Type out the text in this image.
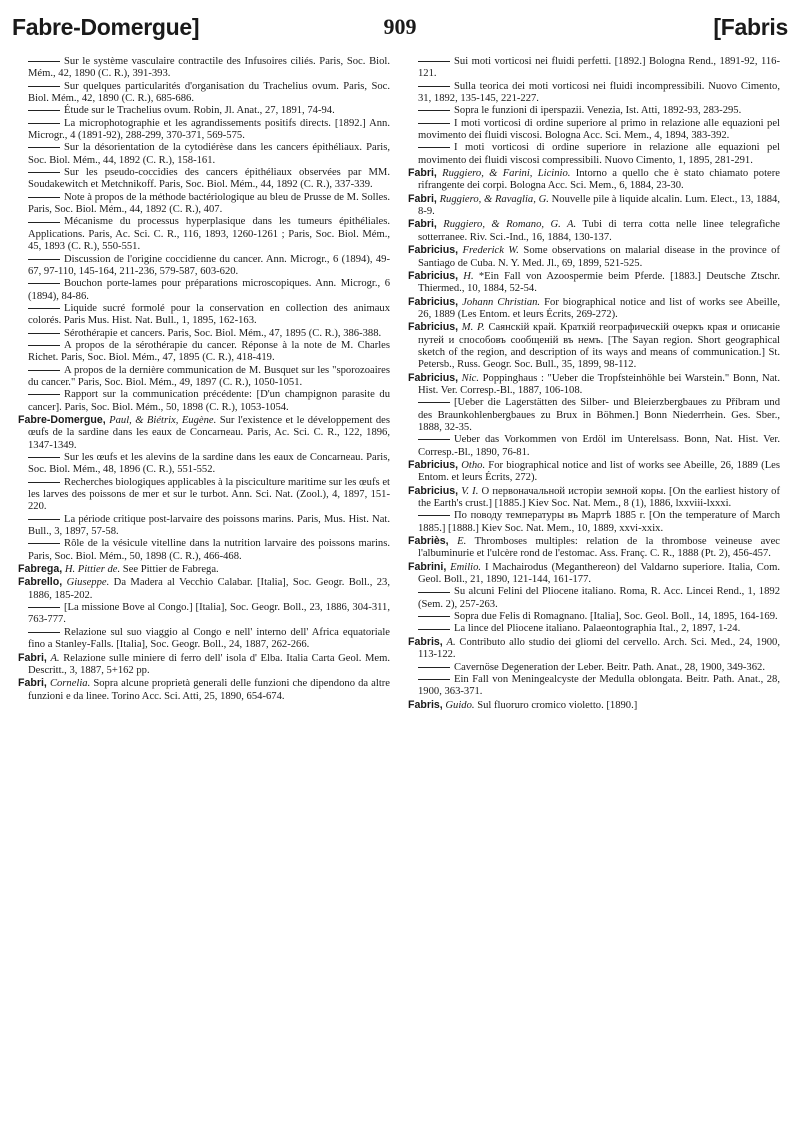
Fabre-Domergue]	909	[Fabris

Sur le système vasculaire contractile des Infusoires ciliés. Paris, Soc. Biol. Mém., 42, 1890 (C. R.), 391-393.

Sur quelques particularités d'organisation du Trachelius ovum. Paris, Soc. Biol. Mém., 42, 1890 (C. R.), 685-686.

Étude sur le Trachelius ovum. Robin, Jl. Anat., 27, 1891, 74-94.

La microphotographie et les agrandissements positifs directs. [1892.] Ann. Microgr., 4 (1891-92), 288-299, 370-371, 569-575.

Sur la désorientation de la cytodiérèse dans les cancers épithéliaux. Paris, Soc. Biol. Mém., 44, 1892 (C. R.), 158-161.

Sur les pseudo-coccidies des cancers épithéliaux observées par MM. Soudakewitch et Metchnikoff. Paris, Soc. Biol. Mém., 44, 1892 (C. R.), 337-339.

Note à propos de la méthode bactériologique au bleu de Prusse de M. Solles. Paris, Soc. Biol. Mém., 44, 1892 (C. R.), 407.

Mécanisme du processus hyperplasique dans les tumeurs épithéliales. Applications. Paris, Ac. Sci. C. R., 116, 1893, 1260-1261 ; Paris, Soc. Biol. Mém., 45, 1893 (C. R.), 550-551.

Discussion de l'origine coccidienne du cancer. Ann. Microgr., 6 (1894), 49-67, 97-110, 145-164, 211-236, 579-587, 603-620.

Bouchon porte-lames pour préparations microscopiques. Ann. Microgr., 6 (1894), 84-86.

Liquide sucré formolé pour la conservation en collection des animaux colorés. Paris Mus. Hist. Nat. Bull., 1, 1895, 162-163.

Sérothérapie et cancers. Paris, Soc. Biol. Mém., 47, 1895 (C. R.), 386-388.

A propos de la sérothérapie du cancer. Réponse à la note de M. Charles Richet. Paris, Soc. Biol. Mém., 47, 1895 (C. R.), 418-419.

A propos de la dernière communication de M. Busquet sur les "sporozoaires du cancer." Paris, Soc. Biol. Mém., 49, 1897 (C. R.), 1050-1051.

Rapport sur la communication précédente: [D'un champignon parasite du cancer]. Paris, Soc. Biol. Mém., 50, 1898 (C. R.), 1053-1054.

Fabre-Domergue, Paul, & Biétrix, Eugène. Sur l'existence et le développement des œufs de la sardine dans les eaux de Concarneau. Paris, Ac. Sci. C. R., 122, 1896, 1347-1349.

Sur les œufs et les alevins de la sardine dans les eaux de Concarneau. Paris, Soc. Biol. Mém., 48, 1896 (C. R.), 551-552.

Recherches biologiques applicables à la pisciculture maritime sur les œufs et les larves des poissons de mer et sur le turbot. Ann. Sci. Nat. (Zool.), 4, 1897, 151-220.

La période critique post-larvaire des poissons marins. Paris, Mus. Hist. Nat. Bull., 3, 1897, 57-58.

Rôle de la vésicule vitelline dans la nutrition larvaire des poissons marins. Paris, Soc. Biol. Mém., 50, 1898 (C. R.), 466-468.

Fabrega, H. Pittier de. See Pittier de Fabrega.

Fabrello, Giuseppe. Da Madera al Vecchio Calabar. [Italia], Soc. Geogr. Boll., 23, 1886, 185-202.

[La missione Bove al Congo.] [Italia], Soc. Geogr. Boll., 23, 1886, 304-311, 763-777.

Relazione sul suo viaggio al Congo e nell' interno dell' Africa equatoriale fino a Stanley-Falls. [Italia], Soc. Geogr. Boll., 24, 1887, 262-266.

Fabri, A. Relazione sulle miniere di ferro dell' isola d' Elba. Italia Carta Geol. Mem. Descritt., 3, 1887, 5+162 pp.

Fabri, Cornelia. Sopra alcune proprietà generali delle funzioni che dipendono da altre funzioni e da linee. Torino Acc. Sci. Atti, 25, 1890, 654-674.

Sui moti vorticosi nei fluidi perfetti. [1892.] Bologna Rend., 1891-92, 116-121.

Sulla teorica dei moti vorticosi nei fluidi incompressibili. Nuovo Cimento, 31, 1892, 135-145, 221-227.

Sopra le funzioni di iperspazii. Venezia, Ist. Atti, 1892-93, 283-295.

I moti vorticosi di ordine superiore al primo in relazione alle equazioni pel movimento dei fluidi viscosi. Bologna Acc. Sci. Mem., 4, 1894, 383-392.

I moti vorticosi di ordine superiore in relazione alle equazioni pel movimento dei fluidi viscosi compressibili. Nuovo Cimento, 1, 1895, 281-291.

Fabri, Ruggiero, & Farini, Licinio. Intorno a quello che è stato chiamato potere rifrangente dei corpi. Bologna Acc. Sci. Mem., 6, 1884, 23-30.

Fabri, Ruggiero, & Ravaglia, G. Nouvelle pile à liquide alcalin. Lum. Elect., 13, 1884, 8-9.

Fabri, Ruggiero, & Romano, G. A. Tubi di terra cotta nelle linee telegrafiche sotterranee. Riv. Sci.-Ind., 16, 1884, 130-137.

Fabricius, Frederick W. Some observations on malarial disease in the province of Santiago de Cuba. N. Y. Med. Jl., 69, 1899, 521-525.

Fabricius, H. *Ein Fall von Azoospermie beim Pferde. [1883.] Deutsche Ztschr. Thiermed., 10, 1884, 52-54.

Fabricius, Johann Christian. For biographical notice and list of works see Abeille, 26, 1889 (Les Entom. et leurs Écrits, 269-272).

Fabricius, M. P. Саянскій край. Краткій географическій очеркъ края и описаніе путей и способовъ сообщеній въ немъ. [The Sayan region. Short geographical sketch of the region, and description of its ways and means of communication.] St. Petersb., Russ. Geogr. Soc. Bull., 35, 1899, 98-112.

Fabricius, Nic. Poppinghaus : "Ueber die Tropfsteinhöhle bei Warstein." Bonn, Nat. Hist. Ver. Corresp.-Bl., 1887, 106-108.

[Ueber die Lagerstätten des Silber- und Bleierzbergbaues zu Příbram und des Braunkohlenbergbaues zu Brux in Böhmen.] Bonn Niederrhein. Ges. Sber., 1888, 32-35.

Ueber das Vorkommen von Erdöl im Unterelsass. Bonn, Nat. Hist. Ver. Corresp.-Bl., 1890, 76-81.

Fabricius, Otho. For biographical notice and list of works see Abeille, 26, 1889 (Les Entom. et leurs Écrits, 272).

Fabricius, V. I. О первоначальной исторіи земной коры. [On the earliest history of the Earth's crust.] [1885.] Kiev Soc. Nat. Mem., 8 (1), 1886, lxxviii-lxxxi.

По поводу температуры въ Мартѣ 1885 г. [On the temperature of March 1885.] [1888.] Kiev Soc. Nat. Mem., 10, 1889, xxvi-xxix.

Fabriès, E. Thromboses multiples: relation de la thrombose veineuse avec l'albuminurie et l'ulcère rond de l'estomac. Ass. Franç. C. R., 1888 (Pt. 2), 456-457.

Fabrini, Emilio. I Machairodus (Meganthereon) del Valdarno superiore. Italia, Com. Geol. Boll., 21, 1890, 121-144, 161-177.

Su alcuni Felini del Pliocene italiano. Roma, R. Acc. Lincei Rend., 1, 1892 (Sem. 2), 257-263.

Sopra due Felis di Romagnano. [Italia], Soc. Geol. Boll., 14, 1895, 164-169.

La lince del Pliocene italiano. Palaeontographia Ital., 2, 1897, 1-24.

Fabris, A. Contributo allo studio dei gliomi del cervello. Arch. Sci. Med., 24, 1900, 113-122.

Cavernöse Degeneration der Leber. Beitr. Path. Anat., 28, 1900, 349-362.

Ein Fall von Meningealcyste der Medulla oblongata. Beitr. Path. Anat., 28, 1900, 363-371.

Fabris, Guido. Sul fluoruro cromico violetto. [1890.]
